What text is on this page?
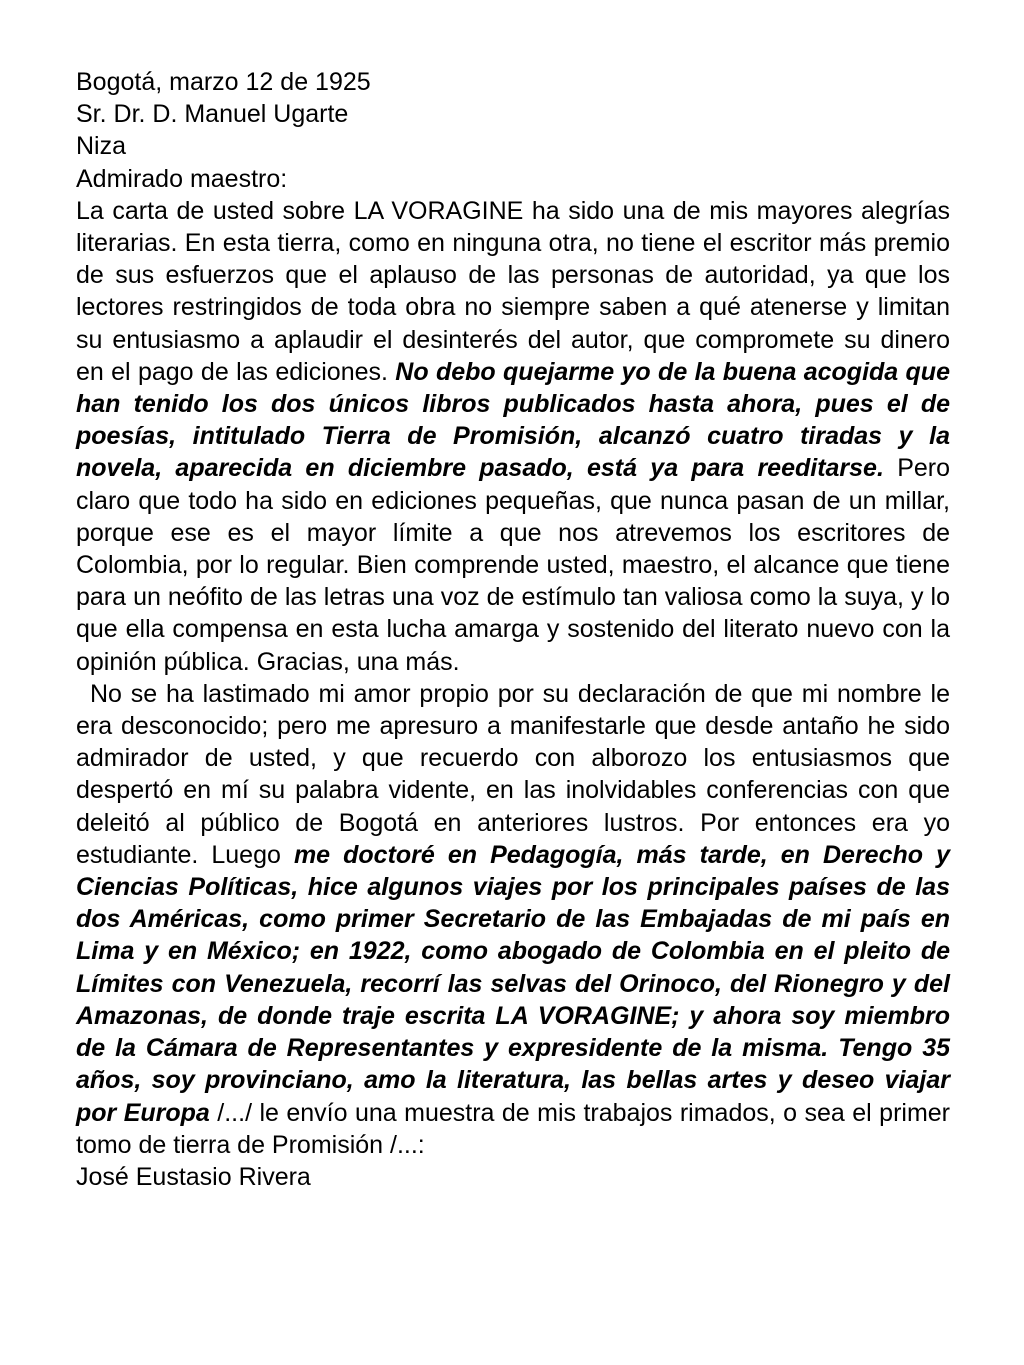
Bogotá, marzo 12 de 1925
Sr. Dr. D. Manuel Ugarte
Niza
Admirado maestro:

La carta de usted sobre LA VORAGINE ha sido una de mis mayores alegrías literarias. En esta tierra, como en ninguna otra, no tiene el escritor más premio de sus esfuerzos que el aplauso de las personas de autoridad, ya que los lectores restringidos de toda obra no siempre saben a qué atenerse y limitan su entusiasmo a aplaudir el desinterés del autor, que compromete su dinero en el pago de las ediciones. No debo quejarme yo de la buena acogida que han tenido los dos únicos libros publicados hasta ahora, pues el de poesías, intitulado Tierra de Promisión, alcanzó cuatro tiradas y la novela, aparecida en diciembre pasado, está ya para reeditarse. Pero claro que todo ha sido en ediciones pequeñas, que nunca pasan de un millar, porque ese es el mayor límite a que nos atrevemos los escritores de Colombia, por lo regular. Bien comprende usted, maestro, el alcance que tiene para un neófito de las letras una voz de estímulo tan valiosa como la suya, y lo que ella compensa en esta lucha amarga y sostenido del literato nuevo con la opinión pública. Gracias, una más.

No se ha lastimado mi amor propio por su declaración de que mi nombre le era desconocido; pero me apresuro a manifestarle que desde antaño he sido admirador de usted, y que recuerdo con alborozo los entusiasmos que despertó en mí su palabra vidente, en las inolvidables conferencias con que deleitó al público de Bogotá en anteriores lustros. Por entonces era yo estudiante. Luego me doctoré en Pedagogía, más tarde, en Derecho y Ciencias Políticas, hice algunos viajes por los principales países de las dos Américas, como primer Secretario de las Embajadas de mi país en Lima y en México; en 1922, como abogado de Colombia en el pleito de Límites con Venezuela, recorrí las selvas del Orinoco, del Rionegro y del Amazonas, de donde traje escrita LA VORAGINE; y ahora soy miembro de la Cámara de Representantes y expresidente de la misma. Tengo 35 años, soy provinciano, amo la literatura, las bellas artes y deseo viajar por Europa /.../ le envío una muestra de mis trabajos rimados, o sea el primer tomo de tierra de Promisión /...:

José Eustasio Rivera
